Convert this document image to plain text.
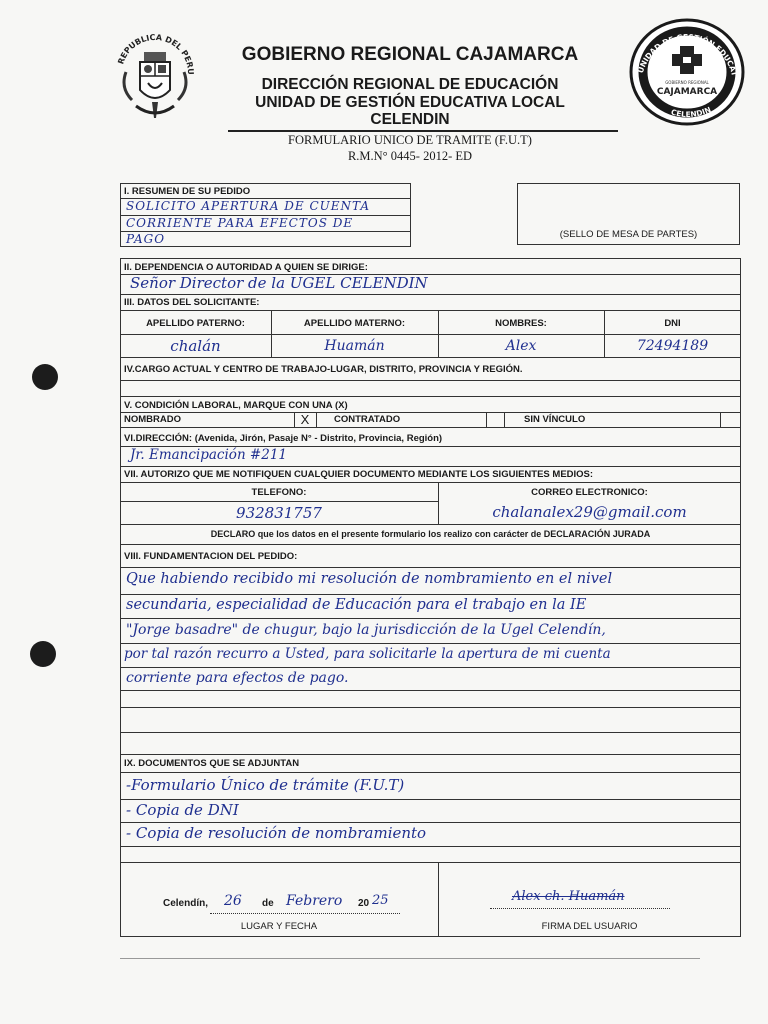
REPUBLICA DEL PERU	UNIDAD DE GESTIÓN EDUCAT
CELENDIN
GOBIERNO REGIONAL
CAJAMARCA
GOBIERNO REGIONAL CAJAMARCA
DIRECCIÓN REGIONAL DE EDUCACIÓN
UNIDAD DE GESTIÓN EDUCATIVA LOCAL
CELENDIN
FORMULARIO UNICO DE TRAMITE (F.U.T)
R.M.N° 0445- 2012- ED
I. RESUMEN DE SU PEDIDO
SOLICITO APERTURA DE CUENTA
CORRIENTE PARA EFECTOS DE
PAGO	(SELLO DE MESA DE PARTES)
II. DEPENDENCIA O AUTORIDAD A QUIEN SE DIRIGE:
Señor Director de la UGEL CELENDIN
III. DATOS DEL SOLICITANTE:
APELLIDO PATERNO:	APELLIDO MATERNO:	NOMBRES:	DNI
chalán	Huamán	Alex	72494189
IV.CARGO ACTUAL Y CENTRO DE TRABAJO-LUGAR, DISTRITO, PROVINCIA Y REGIÓN.
V. CONDICIÓN LABORAL, MARQUE CON UNA (X)
NOMBRADO	X	CONTRATADO	SIN VÍNCULO
VI.DIRECCIÓN: (Avenida, Jirón, Pasaje N° - Distrito, Provincia, Región)
Jr. Emancipación #211
VII. AUTORIZO QUE ME NOTIFIQUEN CUALQUIER DOCUMENTO MEDIANTE LOS SIGUIENTES MEDIOS:
TELEFONO:	CORREO ELECTRONICO:
932831757	chalanalex29@gmail.com
DECLARO que los datos en el presente formulario los realizo con carácter de DECLARACIÓN JURADA
VIII. FUNDAMENTACION DEL PEDIDO:
Que habiendo recibido mi resolución de nombramiento en el nivel
secundaria, especialidad de Educación para el trabajo en la IE
"Jorge basadre" de chugur, bajo la jurisdicción de la Ugel Celendín,
por tal razón recurro a Usted, para solicitarle la apertura de mi cuenta
corriente para efectos de pago.
IX. DOCUMENTOS QUE SE ADJUNTAN
-Formulario Único de trámite (F.U.T)
- Copia de DNI
- Copia de resolución de nombramiento
Celendín, 26 de Febrero 20 25
LUGAR Y FECHA
Alex ch. Huamán
FIRMA DEL USUARIO
